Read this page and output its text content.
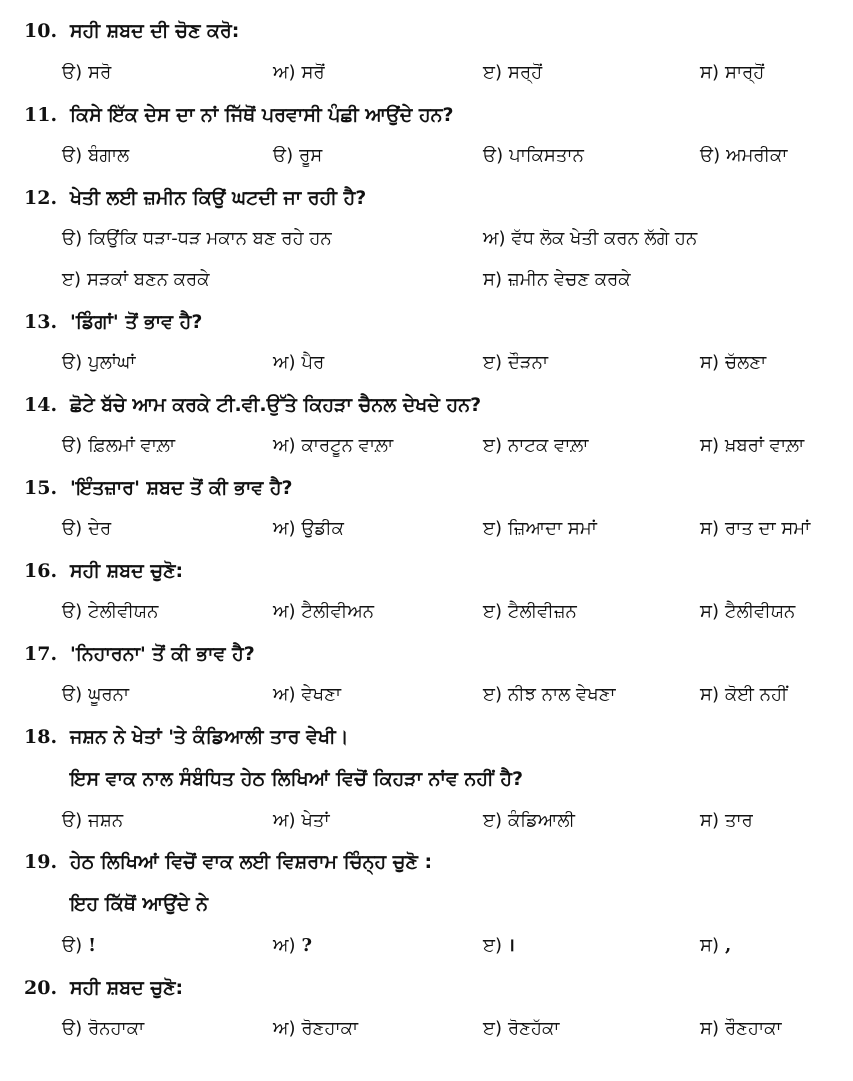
10. ਸਹੀ ਸ਼ਬਦ ਦੀ ਚੋਣ ਕਰੋ:
ੳ) ਸਰੋ	ਅ) ਸਰੋਂ	ੲ) ਸਰ੍ਹੋਂ	ਸ) ਸਾਰ੍ਹੋਂ
11. ਕਿਸੇ ਇੱਕ ਦੇਸ ਦਾ ਨਾਂ ਜਿੱਥੋਂ ਪਰਵਾਸੀ ਪੰਛੀ ਆਉਂਦੇ ਹਨ?
ੳ) ਬੰਗਾਲ	ੳ) ਰੂਸ	ੳ) ਪਾਕਿਸਤਾਨ	ੳ) ਅਮਰੀਕਾ
12. ਖੇਤੀ ਲਈ ਜ਼ਮੀਨ ਕਿਉਂ ਘਟਦੀ ਜਾ ਰਹੀ ਹੈ?
ੳ) ਕਿਉਂਕਿ ਧੜਾ-ਧੜ ਮਕਾਨ ਬਣ ਰਹੇ ਹਨ	ਅ) ਵੱਧ ਲੋਕ ਖੇਤੀ ਕਰਨ ਲੱਗੇ ਹਨ
ੲ) ਸੜਕਾਂ ਬਣਨ ਕਰਕੇ	ਸ) ਜ਼ਮੀਨ ਵੇਚਣ ਕਰਕੇ
13. 'ਡਿੰਗਾਂ' ਤੋਂ ਭਾਵ ਹੈ?
ੳ) ਪੁਲਾਂਘਾਂ	ਅ) ਪੈਰ	ੲ) ਦੌੜਨਾ	ਸ) ਚੱਲਣਾ
14. ਛੋਟੇ ਬੱਚੇ ਆਮ ਕਰਕੇ ਟੀ.ਵੀ.ਉੱਤੇ ਕਿਹੜਾ ਚੈਨਲ ਦੇਖਦੇ ਹਨ?
ੳ) ਫ਼ਿਲਮਾਂ ਵਾਲ਼ਾ	ਅ) ਕਾਰਟੂਨ ਵਾਲ਼ਾ	ੲ) ਨਾਟਕ ਵਾਲ਼ਾ	ਸ) ਖ਼ਬਰਾਂ ਵਾਲ਼ਾ
15. 'ਇੰਤਜ਼ਾਰ' ਸ਼ਬਦ ਤੋਂ ਕੀ ਭਾਵ ਹੈ?
ੳ) ਦੇਰ	ਅ) ਉਡੀਕ	ੲ) ਜ਼ਿਆਦਾ ਸਮਾਂ	ਸ) ਰਾਤ ਦਾ ਸਮਾਂ
16. ਸਹੀ ਸ਼ਬਦ ਚੁਣੋ:
ੳ) ਟੇਲੀਵੀਯਨ	ਅ) ਟੈਲੀਵੀਅਨ	ੲ) ਟੈਲੀਵੀਜ਼ਨ	ਸ) ਟੈਲੀਵੀਯਨ
17. 'ਨਿਹਾਰਨਾ' ਤੋਂ ਕੀ ਭਾਵ ਹੈ?
ੳ) ਘੂਰਨਾ	ਅ) ਵੇਖਣਾ	ੲ) ਨੀਝ ਨਾਲ ਵੇਖਣਾ	ਸ) ਕੋਈ ਨਹੀਂ
18. ਜਸ਼ਨ ਨੇ ਖੇਤਾਂ 'ਤੇ ਕੰਡਿਆਲੀ ਤਾਰ ਵੇਖੀ।
ਇਸ ਵਾਕ ਨਾਲ ਸੰਬੰਧਿਤ ਹੇਠ ਲਿਖਿਆਂ ਵਿਚੋਂ ਕਿਹੜਾ ਨਾਂਵ ਨਹੀਂ ਹੈ?
ੳ) ਜਸ਼ਨ	ਅ) ਖੇਤਾਂ	ੲ) ਕੰਡਿਆਲੀ	ਸ) ਤਾਰ
19. ਹੇਠ ਲਿਖਿਆਂ ਵਿਚੋਂ ਵਾਕ ਲਈ ਵਿਸ਼ਰਾਮ ਚਿੰਨ੍ਹ ਚੁਣੋ :
ਇਹ ਕਿੱਥੋਂ ਆਉਂਦੇ ਨੇ
ੳ) !	ਅ) ?	ੲ) ।	ਸ) ,
20. ਸਹੀ ਸ਼ਬਦ ਚੁਣੋ:
ੳ) ਰੋਨਹਾਕਾ	ਅ) ਰੋਣਹਾਕਾ	ੲ) ਰੋਣਹੱਕਾ	ਸ) ਰੌਣਹਾਕਾ
